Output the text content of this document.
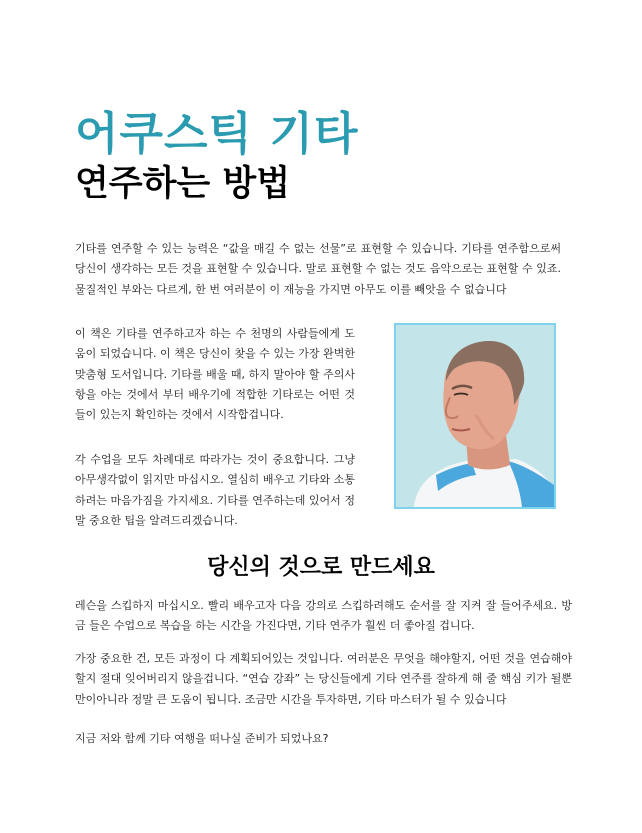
어쿠스틱 기타
연주하는 방법

기타를 연주할 수 있는 능력은 “값을 매길 수 없는 선물”로 표현할 수 있습니다. 기타를 연주함으로써 당신이 생각하는 모든 것을 표현할 수 있습니다. 말로 표현할 수 없는 것도 음악으로는 표현할 수 있죠. 물질적인 부와는 다르게, 한 번 여러분이 이 재능을 가지면 아무도 이를 빼앗을 수 없습니다

이 책은 기타를 연주하고자 하는 수 천명의 사람들에게 도움이 되었습니다. 이 책은 당신이 찾을 수 있는 가장 완벽한 맞춤형 도서입니다. 기타를 배울 때, 하지 말아야 할 주의사항을 아는 것에서 부터 배우기에 적합한 기타로는 어떤 것들이 있는지 확인하는 것에서 시작합겁니다.

각 수업을 모두 차례대로 따라가는 것이 중요합니다. 그냥 아무생각없이 읽지만 마십시오. 열심히 배우고 기타와 소통하려는 마음가짐을 가지세요. 기타를 연주하는데 있어서 정말 중요한 팁을 알려드리겠습니다.

당신의 것으로 만드세요

레슨을 스킵하지 마십시오. 빨리 배우고자 다음 강의로 스킵하려해도 순서를 잘 지켜 잘 들어주세요. 방금 들은 수업으로 복습을 하는 시간을 가진다면, 기타 연주가 훨씬 더 좋아질 겁니다.

가장 중요한 건, 모든 과정이 다 계획되어있는 것입니다. 여러분은 무엇을 해야할지, 어떤 것을 연습해야할지 절대 잊어버리지 않을겁니다. “연습 강좌” 는 당신들에게 기타 연주를 잘하게 해 줄 핵심 키가 될뿐만이아니라 정말 큰 도움이 됩니다. 조금만 시간을 투자하면, 기타 마스터가 될 수 있습니다

지금 저와 함께 기타 여행을 떠나실 준비가 되었나요?
